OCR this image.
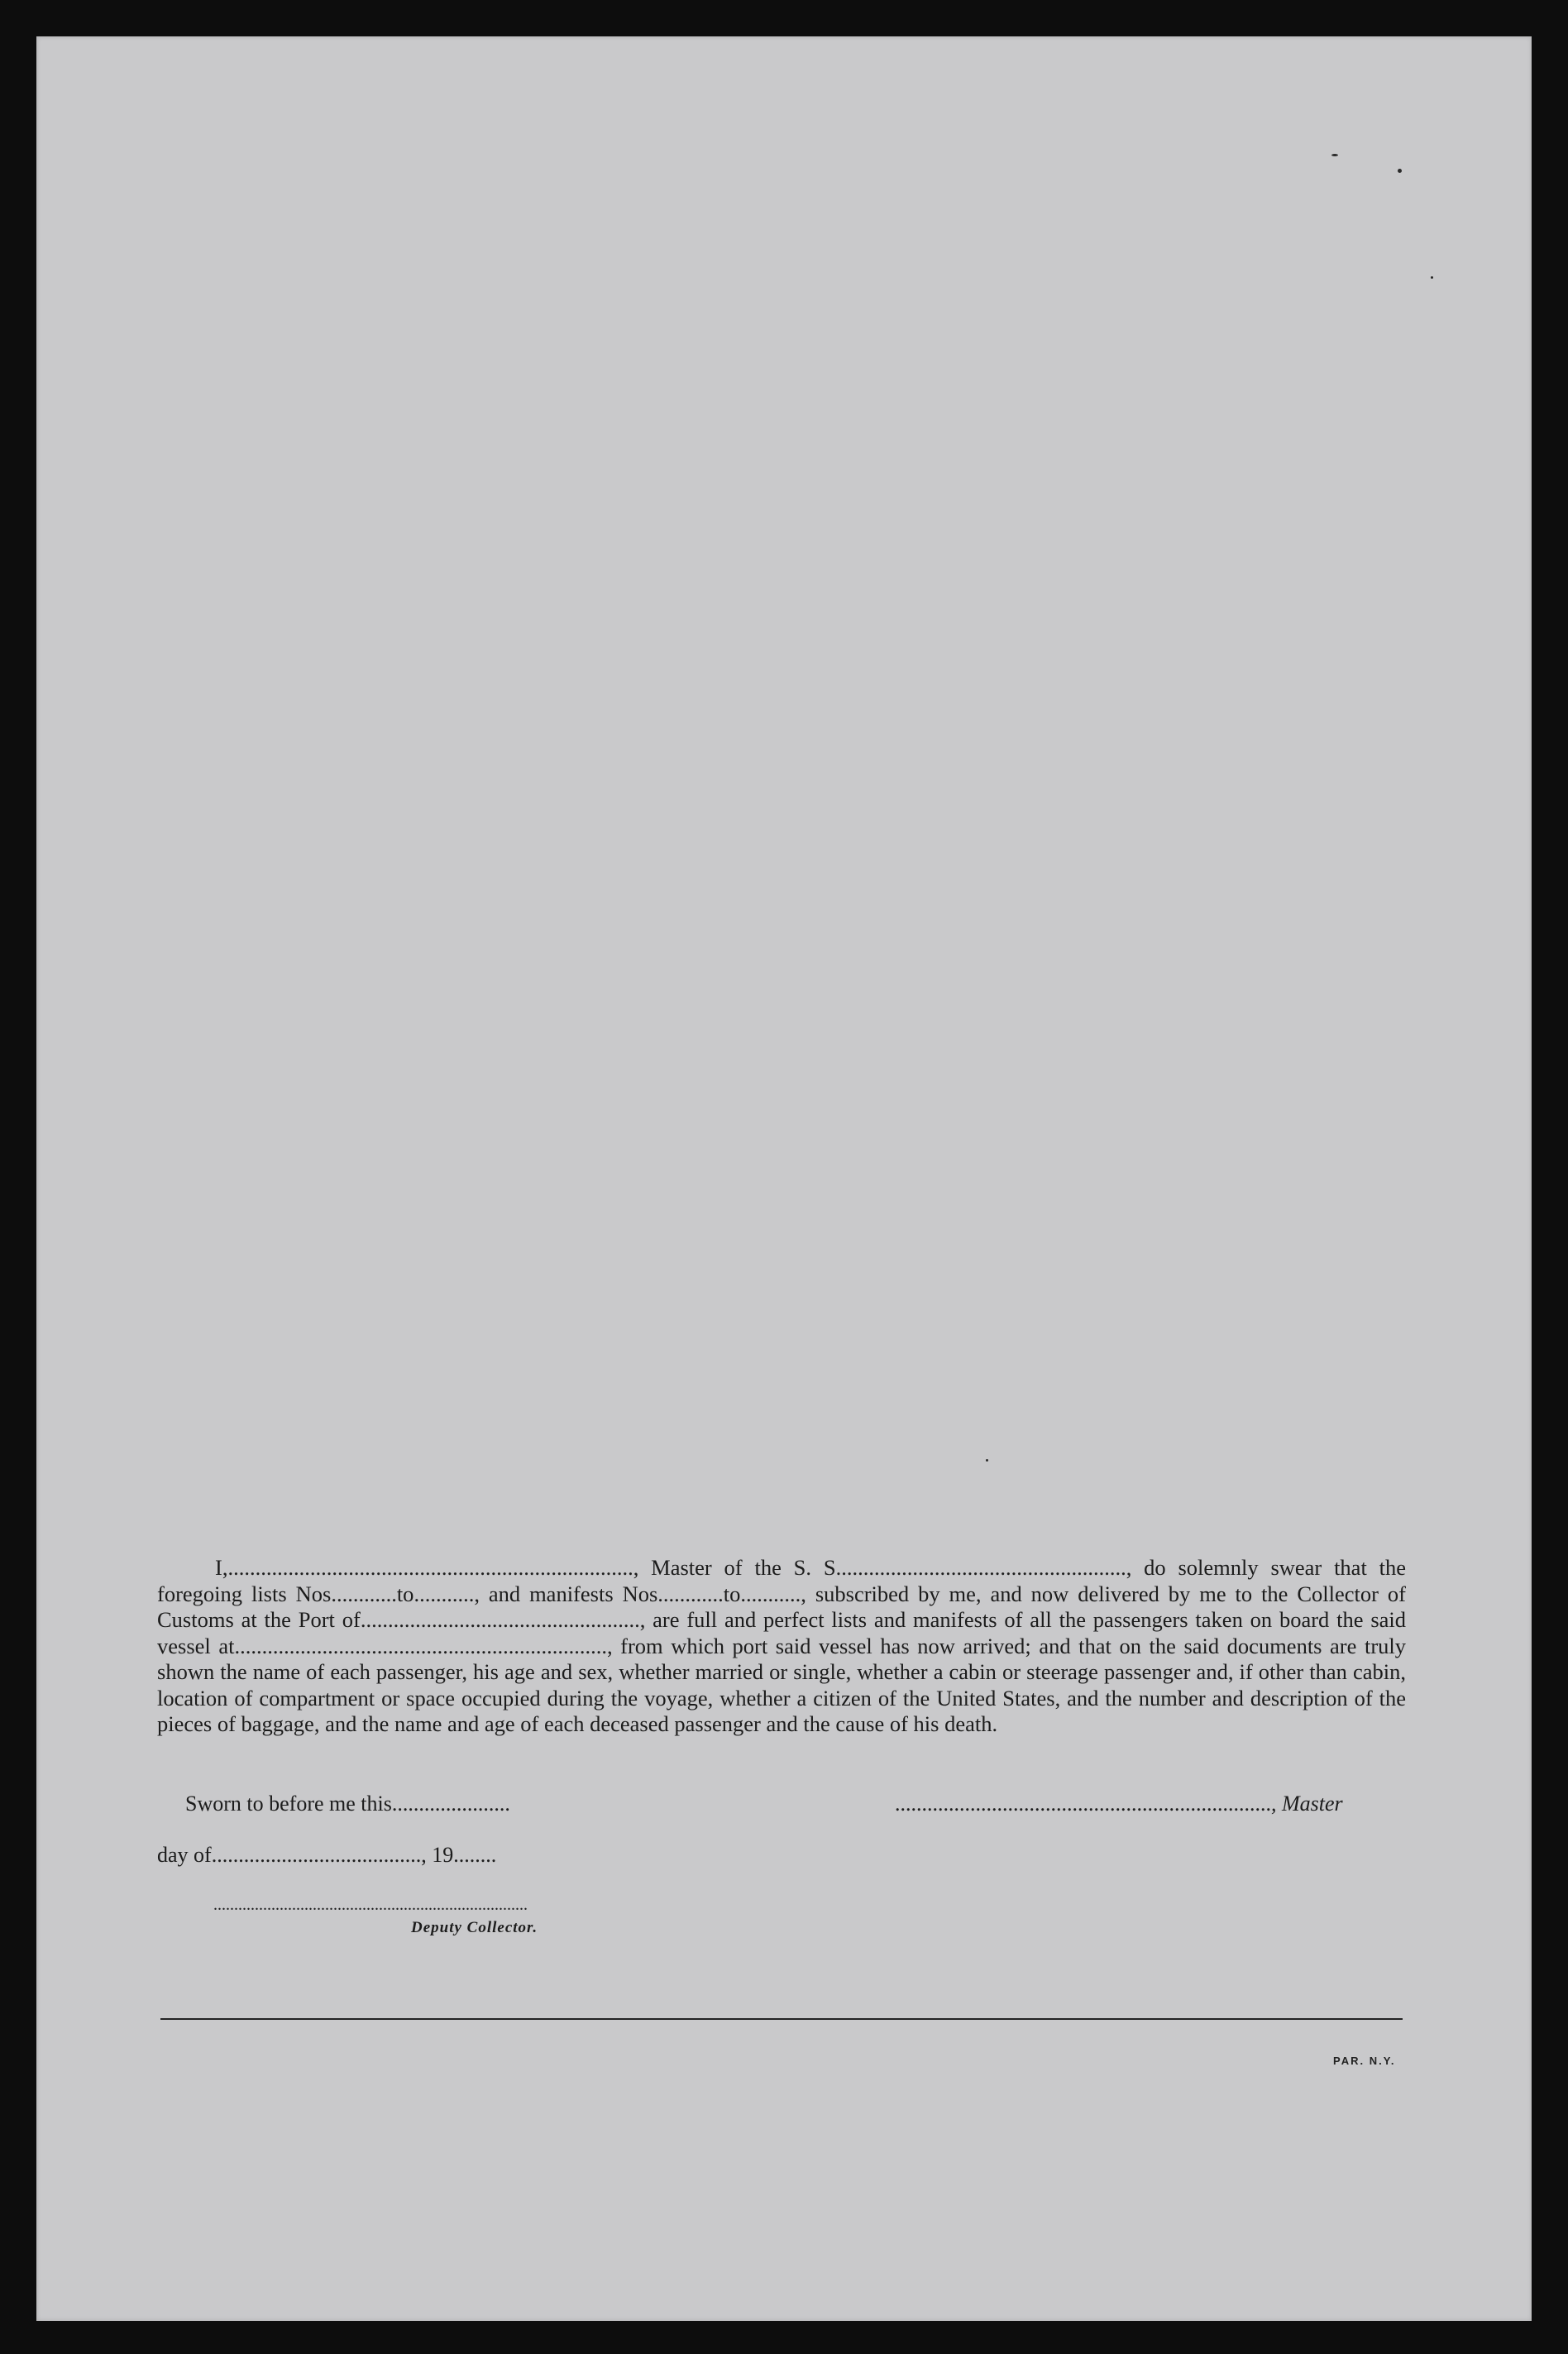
I,.........................................................................., Master of the S. S....................................................., do solemnly swear that the foregoing lists Nos............to..........., and manifests Nos............to..........., subscribed by me, and now delivered by me to the Collector of Customs at the Port of..................................................., are full and perfect lists and manifests of all the passengers taken on board the said vessel at...................................................................., from which port said vessel has now arrived; and that on the said documents are truly shown the name of each passenger, his age and sex, whether married or single, whether a cabin or steerage passenger and, if other than cabin, location of compartment or space occupied during the voyage, whether a citizen of the United States, and the number and description of the pieces of baggage, and the name and age of each deceased passenger and the cause of his death.
Sworn to before me this......................	......................................................................, Master
day of......................................., 19........
............................................................................
Deputy Collector.
PAR. N.Y.
